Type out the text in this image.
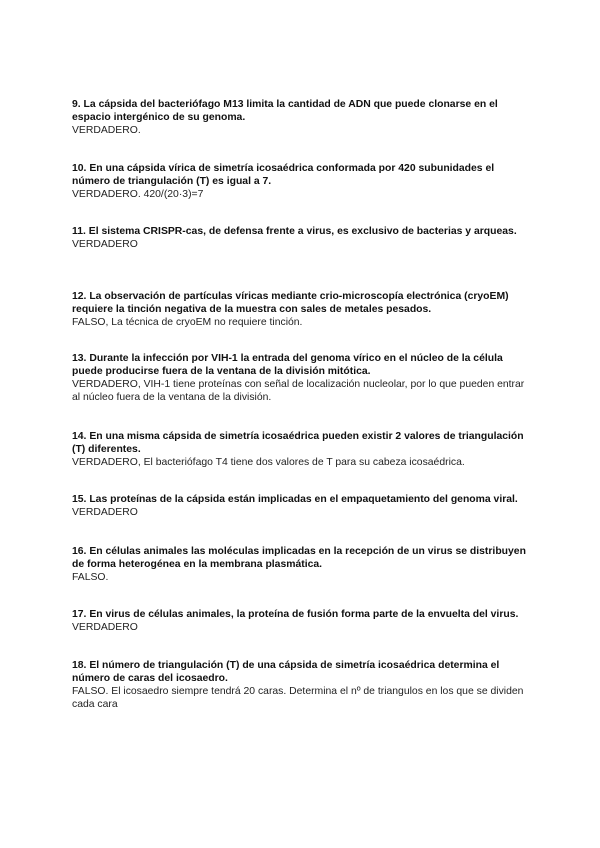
9. La cápsida del bacteriófago M13 limita la cantidad de ADN que puede clonarse en el espacio intergénico de su genoma.
VERDADERO.
10. En una cápsida vírica de simetría icosaédrica conformada por 420 subunidades el número de triangulación (T) es igual a 7.
VERDADERO. 420/(20·3)=7
11. El sistema CRISPR-cas, de defensa frente a virus, es exclusivo de bacterias y arqueas.
VERDADERO
12. La observación de partículas víricas mediante crio-microscopía electrónica (cryoEM) requiere la tinción negativa de la muestra con sales de metales pesados.
FALSO, La técnica de cryoEM no requiere tinción.
13. Durante la infección por VIH-1 la entrada del genoma vírico en el núcleo de la célula puede producirse fuera de la ventana de la división mitótica.
VERDADERO, VIH-1 tiene proteínas con señal de localización nucleolar, por lo que pueden entrar al núcleo fuera de la ventana de la división.
14. En una misma cápsida de simetría icosaédrica pueden existir 2 valores de triangulación (T) diferentes.
VERDADERO, El bacteriófago T4 tiene dos valores de T para su cabeza icosaédrica.
15. Las proteínas de la cápsida están implicadas en el empaquetamiento del genoma viral.
VERDADERO
16. En células animales las moléculas implicadas en la recepción de un virus se distribuyen de forma heterogénea en la membrana plasmática.
FALSO.
17. En virus de células animales, la proteína de fusión forma parte de la envuelta del virus.
VERDADERO
18. El número de triangulación (T) de una cápsida de simetría icosaédrica determina el número de caras del icosaedro.
FALSO. El icosaedro siempre tendrá 20 caras. Determina el nº de triangulos en los que se dividen cada cara
